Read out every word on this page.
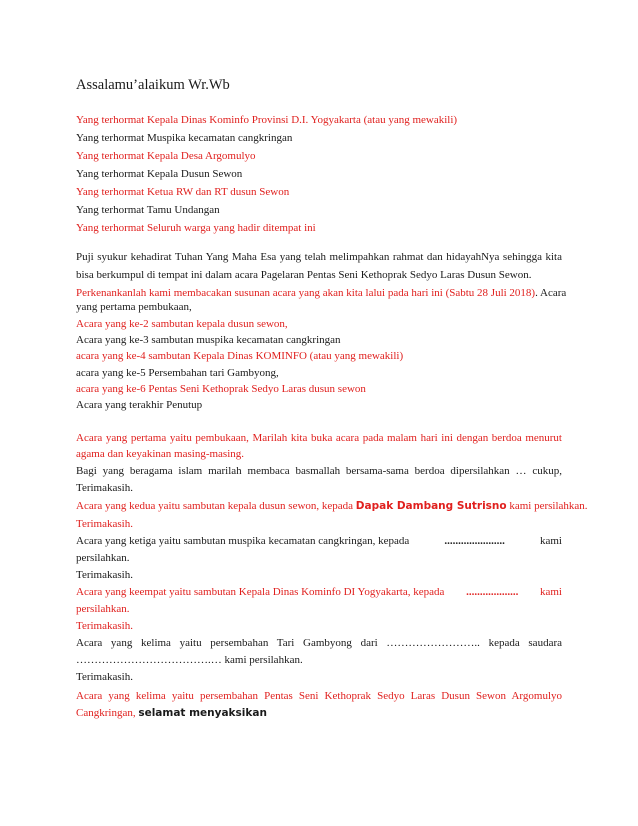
Assalamu’alaikum Wr.Wb
Yang terhormat Kepala Dinas Kominfo Provinsi D.I. Yogyakarta (atau yang mewakili)
Yang terhormat Muspika kecamatan cangkringan
Yang terhormat Kepala Desa Argomulyo
Yang terhormat Kepala Dusun Sewon
Yang terhormat Ketua RW dan RT dusun Sewon
Yang terhormat Tamu Undangan
Yang terhormat Seluruh warga yang hadir ditempat ini
Puji syukur kehadirat Tuhan Yang Maha Esa yang telah melimpahkan rahmat dan hidayahNya sehingga kita
bisa berkumpul di tempat ini dalam acara Pagelaran Pentas Seni Kethoprak Sedyo Laras Dusun Sewon.
Perkenankanlah kami membacakan susunan acara yang akan kita lalui pada hari ini (Sabtu 28 Juli 2018). Acara
yang pertama pembukaan,
Acara yang ke-2 sambutan kepala dusun sewon,
Acara yang ke-3 sambutan muspika kecamatan cangkringan
acara yang ke-4 sambutan Kepala Dinas KOMINFO (atau yang mewakili)
acara yang ke-5 Persembahan tari Gambyong,
acara yang ke-6 Pentas Seni Kethoprak Sedyo Laras dusun sewon
Acara yang terakhir Penutup
Acara yang pertama yaitu pembukaan, Marilah kita buka acara pada malam hari ini dengan berdoa menurut
agama dan keyakinan masing-masing.
Bagi yang beragama islam marilah membaca basmallah bersama-sama berdoa dipersilahkan … cukup,
Terimakasih.
Acara yang kedua yaitu sambutan kepala dusun sewon, kepada Dapak Dambang Sutrisno kami persilahkan.
Terimakasih.
Acara yang ketiga yaitu sambutan muspika kecamatan cangkringan, kepada	......................	kami
persilahkan.
Terimakasih.
Acara yang keempat yaitu sambutan Kepala Dinas Kominfo DI Yogyakarta, kepada ................... kami
persilahkan.
Terimakasih.
Acara yang kelima yaitu persembahan Tari Gambyong dari …………………….. kepada saudara
……………………………….… kami persilahkan.
Terimakasih.
Acara yang kelima yaitu persembahan Pentas Seni Kethoprak Sedyo Laras Dusun Sewon Argomulyo
Cangkringan, selamat menyaksikan
